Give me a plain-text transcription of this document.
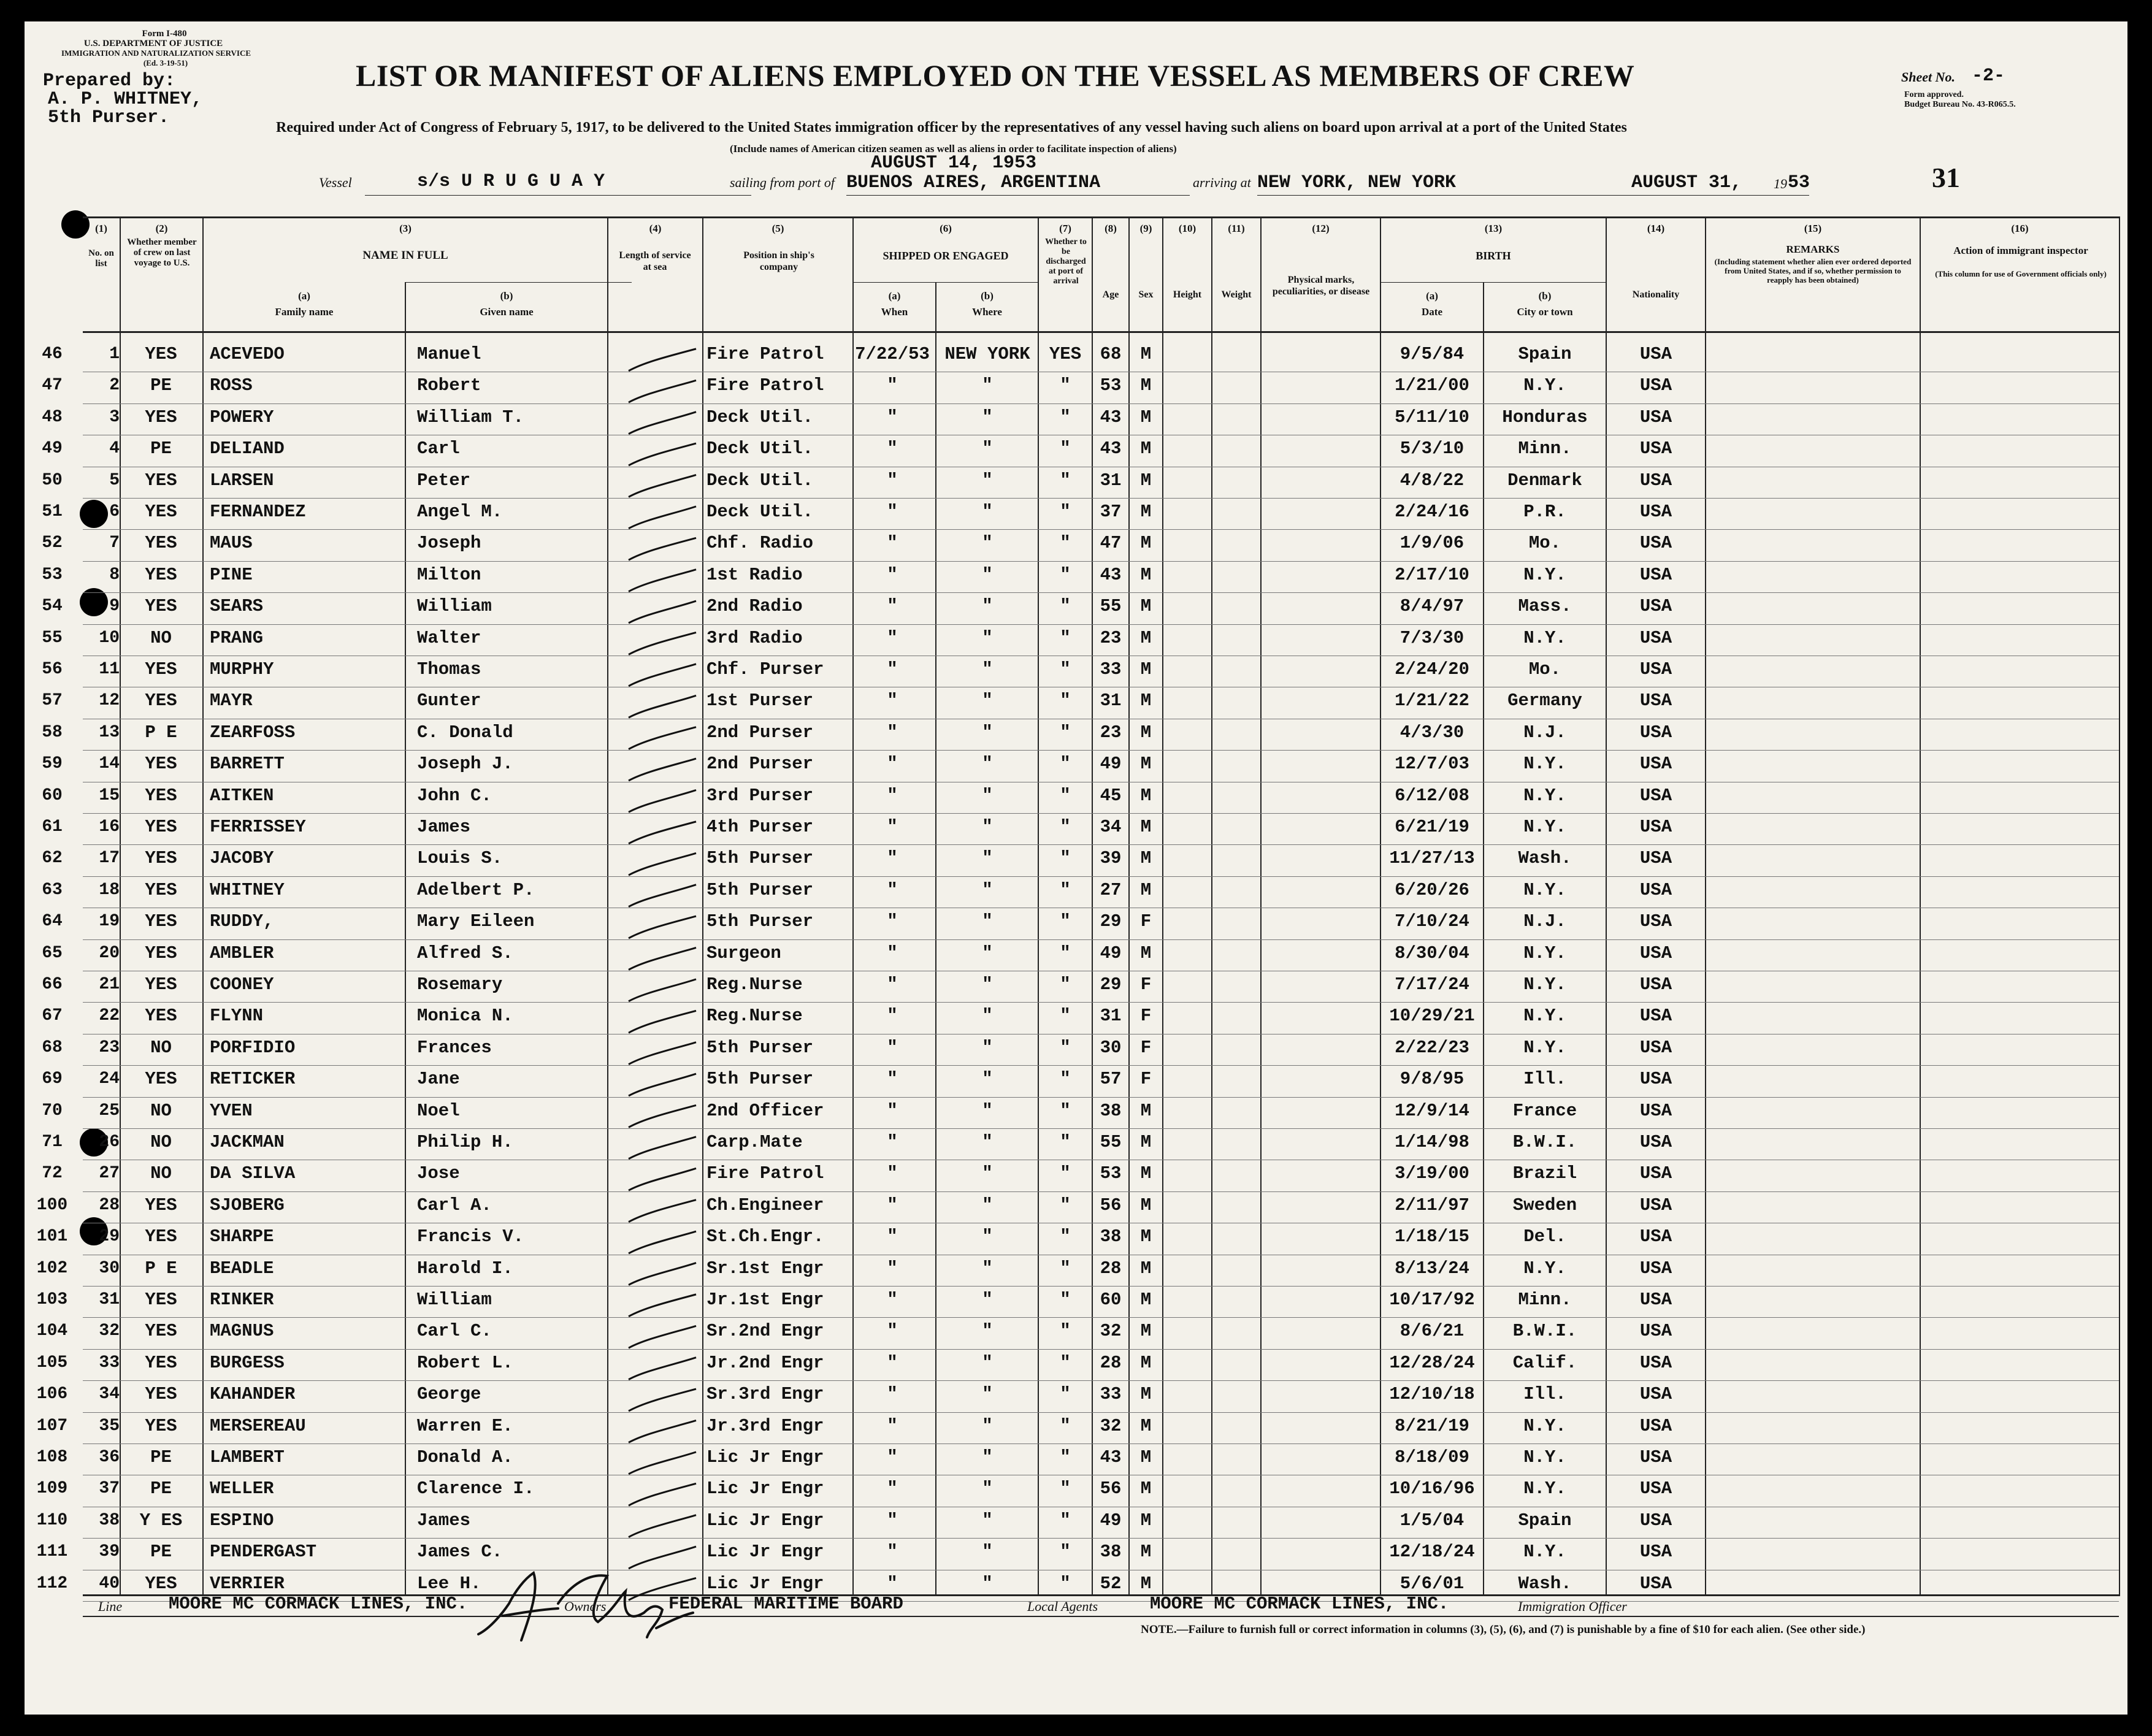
Form I-480
U.S. DEPARTMENT OF JUSTICE
IMMIGRATION AND NATURALIZATION SERVICE
(Ed. 3-19-51)
Prepared by:
A. P. WHITNEY,
5th Purser.
LIST OR MANIFEST OF ALIENS EMPLOYED ON THE VESSEL AS MEMBERS OF CREW	Sheet No. -2-
Form approved.
Budget Bureau No. 43-R065.5.
Required under Act of Congress of February 5, 1917, to be delivered to the United States immigration officer by the representatives of any vessel having such aliens on board upon arrival at a port of the United States
(Include names of American citizen seamen as well as aliens in order to facilitate inspection of aliens)
Vessel	s/s U R U G U A Y	sailing from port of
AUGUST 14, 1953
BUENOS AIRES, ARGENTINA	arriving at NEW YORK, NEW YORK	AUGUST 31, 19 53	31
(1)
No. on list
(2)
Whether member of crew on last voyage to U.S.
(3)
NAME IN FULL
(a)
Family name
(b)
Given name
(4)
Length of service at sea
(5)
Position in ship's company
(6)
SHIPPED OR ENGAGED
(a)
When
(b)
Where
(7)
Whether to be discharged at port of arrival
(8)
Age
(9)
Sex
(10)
Height
(11)
Weight
(12)
Physical marks, peculiarities, or disease
(13)
BIRTH
(a)
Date
(b)
City or town
(14)
Nationality
(15)
REMARKS
(Including statement whether alien ever ordered deported from United States, and if so, whether permission to reapply has been obtained)
(16)
Action of immigrant inspector
(This column for use of Government officials only)
46	1	YES	ACEVEDO	Manuel	Fire Patrol	7/22/53 NEW YORK	YES	68	M	9/5/84	Spain	USA
47	2	PE	ROSS	Robert	Fire Patrol	"	"	"	53	M	1/21/00	N.Y.	USA
48	3	YES	POWERY	William T.	Deck Util.	"	"	"	43	M	5/11/10	Honduras	USA
49	4	PE	DELIAND	Carl	Deck Util.	"	"	"	43	M	5/3/10	Minn.	USA
50	5	YES	LARSEN	Peter	Deck Util.	"	"	"	31	M	4/8/22	Denmark	USA
51	6	YES	FERNANDEZ	Angel M.	Deck Util.	"	"	"	37	M	2/24/16	P.R.	USA
52	7	YES	MAUS	Joseph	Chf. Radio	"	"	"	47	M	1/9/06	Mo.	USA
53	8	YES	PINE	Milton	1st Radio	"	"	"	43	M	2/17/10	N.Y.	USA
54	9	YES	SEARS	William	2nd Radio	"	"	"	55	M	8/4/97	Mass.	USA
55	10	NO	PRANG	Walter	3rd Radio	"	"	"	23	M	7/3/30	N.Y.	USA
56	11	YES	MURPHY	Thomas	Chf. Purser	"	"	"	33	M	2/24/20	Mo.	USA
57	12	YES	MAYR	Gunter	1st Purser	"	"	"	31	M	1/21/22	Germany	USA
58	13	P E	ZEARFOSS	C. Donald	2nd Purser	"	"	"	23	M	4/3/30	N.J.	USA
59	14	YES	BARRETT	Joseph J.	2nd Purser	"	"	"	49	M	12/7/03	N.Y.	USA
60	15	YES	AITKEN	John C.	3rd Purser	"	"	"	45	M	6/12/08	N.Y.	USA
61	16	YES	FERRISSEY	James	4th Purser	"	"	"	34	M	6/21/19	N.Y.	USA
62	17	YES	JACOBY	Louis S.	5th Purser	"	"	"	39	M	11/27/13	Wash.	USA
63	18	YES	WHITNEY	Adelbert P.	5th Purser	"	"	"	27	M	6/20/26	N.Y.	USA
64	19	YES	RUDDY,	Mary Eileen	5th Purser	"	"	"	29	F	7/10/24	N.J.	USA
65	20	YES	AMBLER	Alfred S.	Surgeon	"	"	"	49	M	8/30/04	N.Y.	USA
66	21	YES	COONEY	Rosemary	Reg.Nurse	"	"	"	29	F	7/17/24	N.Y.	USA
67	22	YES	FLYNN	Monica N.	Reg.Nurse	"	"	"	31	F	10/29/21	N.Y.	USA
68	23	NO	PORFIDIO	Frances	5th Purser	"	"	"	30	F	2/22/23	N.Y.	USA
69	24	YES	RETICKER	Jane	5th Purser	"	"	"	57	F	9/8/95	Ill.	USA
70	25	NO	YVEN	Noel	2nd Officer	"	"	"	38	M	12/9/14	France	USA
71	26	NO	JACKMAN	Philip H.	Carp.Mate	"	"	"	55	M	1/14/98	B.W.I.	USA
72	27	NO	DA SILVA	Jose	Fire Patrol	"	"	"	53	M	3/19/00	Brazil	USA
100	28	YES	SJOBERG	Carl A.	Ch.Engineer	"	"	"	56	M	2/11/97	Sweden	USA
101	29	YES	SHARPE	Francis V.	St.Ch.Engr.	"	"	"	38	M	1/18/15	Del.	USA
102	30	P E	BEADLE	Harold I.	Sr.1st Engr	"	"	"	28	M	8/13/24	N.Y.	USA
103	31	YES	RINKER	William	Jr.1st Engr	"	"	"	60	M	10/17/92	Minn.	USA
104	32	YES	MAGNUS	Carl C.	Sr.2nd Engr	"	"	"	32	M	8/6/21	B.W.I.	USA
105	33	YES	BURGESS	Robert L.	Jr.2nd Engr	"	"	"	28	M	12/28/24	Calif.	USA
106	34	YES	KAHANDER	George	Sr.3rd Engr	"	"	"	33	M	12/10/18	Ill.	USA
107	35	YES	MERSEREAU	Warren E.	Jr.3rd Engr	"	"	"	32	M	8/21/19	N.Y.	USA
108	36	PE	LAMBERT	Donald A.	Lic Jr Engr	"	"	"	43	M	8/18/09	N.Y.	USA
109	37	PE	WELLER	Clarence I.	Lic Jr Engr	"	"	"	56	M	10/16/96	N.Y.	USA
110	38	Y ES	ESPINO	James	Lic Jr Engr	"	"	"	49	M	1/5/04	Spain	USA
111	39	PE	PENDERGAST	James C.	Lic Jr Engr	"	"	"	38	M	12/18/24	N.Y.	USA
112	40	YES	VERRIER	Lee H.	Lic Jr Engr	"	"	"	52	M	5/6/01	Wash.	USA
Line	MOORE MC CORMACK LINES, INC.	Owners	FEDERAL MARITIME BOARD	Local Agents	MOORE MC CORMACK LINES, INC.	Immigration Officer
NOTE.—Failure to furnish full or correct information in columns (3), (5), (6), and (7) is punishable by a fine of $10 for each alien. (See other side.)
